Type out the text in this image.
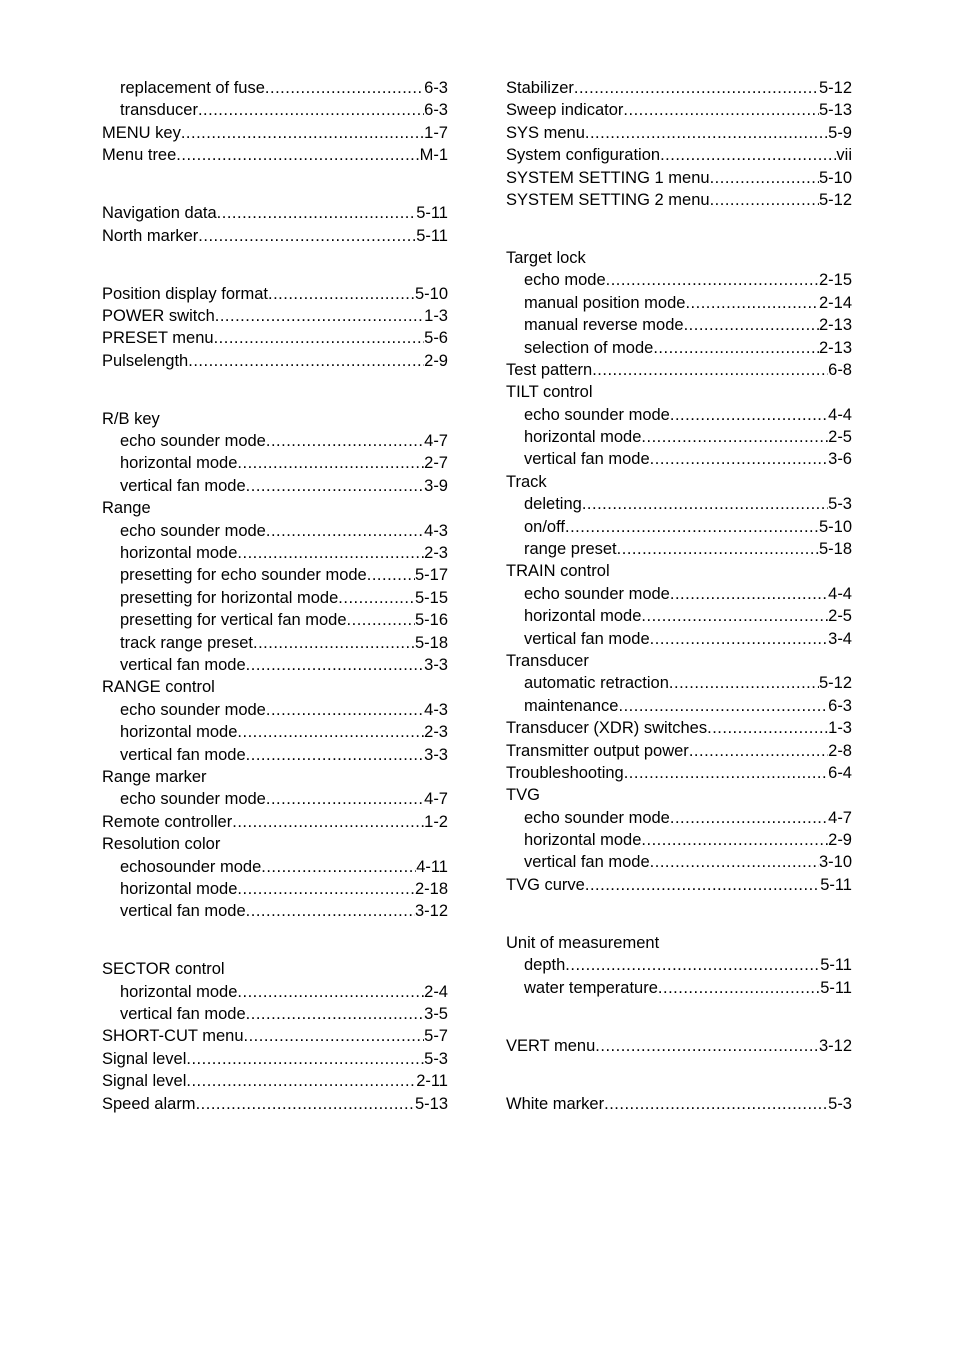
replacement of fuse .....	6-3
transducer .....	6-3
MENU key .....	1-7
Menu tree .....	M-1
Navigation data .....	5-11
North marker .....	5-11
Position display format .....	5-10
POWER switch .....	1-3
PRESET menu .....	5-6
Pulselength .....	2-9
R/B key
echo sounder mode .....	4-7
horizontal mode .....	2-7
vertical fan mode .....	3-9
Range
echo sounder mode .....	4-3
horizontal mode .....	2-3
presetting for echo sounder mode .....	5-17
presetting for horizontal mode .....	5-15
presetting for vertical fan mode .....	5-16
track range preset .....	5-18
vertical fan mode .....	3-3
RANGE control
echo sounder mode .....	4-3
horizontal mode .....	2-3
vertical fan mode .....	3-3
Range marker
echo sounder mode .....	4-7
Remote controller .....	1-2
Resolution color
echosounder mode .....	4-11
horizontal mode .....	2-18
vertical fan mode .....	3-12
SECTOR control
horizontal mode .....	2-4
vertical fan mode .....	3-5
SHORT-CUT menu .....	5-7
Signal level .....	5-3
Signal level .....	2-11
Speed alarm .....	5-13
Stabilizer .....	5-12
Sweep indicator .....	5-13
SYS menu .....	5-9
System configuration .....	vii
SYSTEM SETTING 1 menu .....	5-10
SYSTEM SETTING 2 menu .....	5-12
Target lock
echo mode .....	2-15
manual position mode .....	2-14
manual reverse mode .....	2-13
selection of mode .....	2-13
Test pattern .....	6-8
TILT control
echo sounder mode .....	4-4
horizontal mode .....	2-5
vertical fan mode .....	3-6
Track
deleting .....	5-3
on/off .....	5-10
range preset .....	5-18
TRAIN control
echo sounder mode .....	4-4
horizontal mode .....	2-5
vertical fan mode .....	3-4
Transducer
automatic retraction .....	5-12
maintenance .....	6-3
Transducer (XDR) switches .....	1-3
Transmitter output power .....	2-8
Troubleshooting .....	6-4
TVG
echo sounder mode .....	4-7
horizontal mode .....	2-9
vertical fan mode .....	3-10
TVG curve .....	5-11
Unit of measurement
depth .....	5-11
water temperature .....	5-11
VERT menu .....	3-12
White marker .....	5-3
